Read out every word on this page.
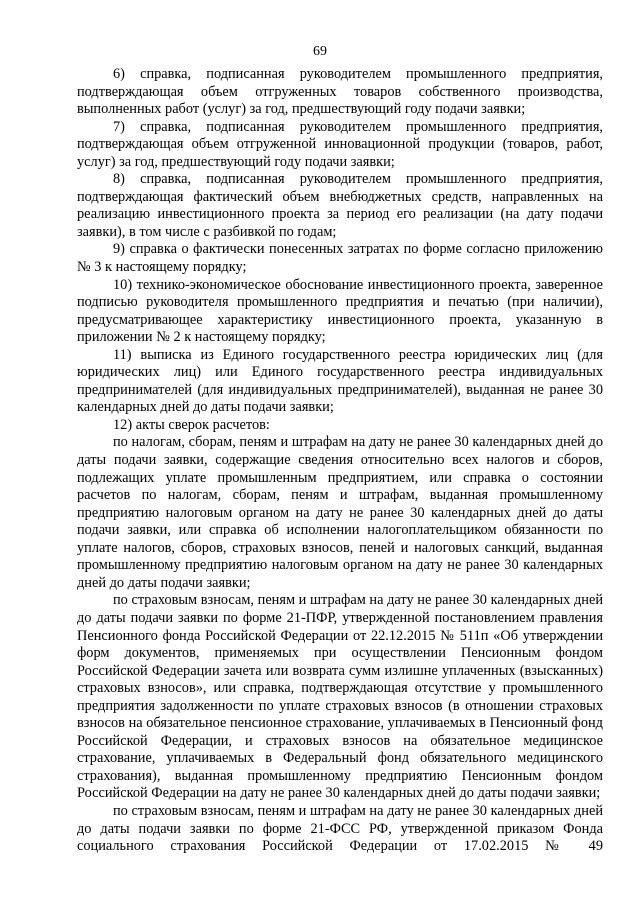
69

6) справка, подписанная руководителем промышленного предприятия, подтверждающая объем отгруженных товаров собственного производства, выполненных работ (услуг) за год, предшествующий году подачи заявки;

7) справка, подписанная руководителем промышленного предприятия, подтверждающая объем отгруженной инновационной продукции (товаров, работ, услуг) за год, предшествующий году подачи заявки;

8) справка, подписанная руководителем промышленного предприятия, подтверждающая фактический объем внебюджетных средств, направленных на реализацию инвестиционного проекта за период его реализации (на дату подачи заявки), в том числе с разбивкой по годам;

9) справка о фактически понесенных затратах по форме согласно приложению № 3 к настоящему порядку;

10) технико-экономическое обоснование инвестиционного проекта, заверенное подписью руководителя промышленного предприятия и печатью (при наличии), предусматривающее характеристику инвестиционного проекта, указанную в приложении № 2 к настоящему порядку;

11) выписка из Единого государственного реестра юридических лиц (для юридических лиц) или Единого государственного реестра индивидуальных предпринимателей (для индивидуальных предпринимателей), выданная не ранее 30 календарных дней до даты подачи заявки;

12) акты сверок расчетов:

по налогам, сборам, пеням и штрафам на дату не ранее 30 календарных дней до даты подачи заявки, содержащие сведения относительно всех налогов и сборов, подлежащих уплате промышленным предприятием, или справка о состоянии расчетов по налогам, сборам, пеням и штрафам, выданная промышленному предприятию налоговым органом на дату не ранее 30 календарных дней до даты подачи заявки, или справка об исполнении налогоплательщиком обязанности по уплате налогов, сборов, страховых взносов, пеней и налоговых санкций, выданная промышленному предприятию налоговым органом на дату не ранее 30 календарных дней до даты подачи заявки;

по страховым взносам, пеням и штрафам на дату не ранее 30 календарных дней до даты подачи заявки по форме 21-ПФР, утвержденной постановлением правления Пенсионного фонда Российской Федерации от 22.12.2015 № 511п «Об утверждении форм документов, применяемых при осуществлении Пенсионным фондом Российской Федерации зачета или возврата сумм излишне уплаченных (взысканных) страховых взносов», или справка, подтверждающая отсутствие у промышленного предприятия задолженности по уплате страховых взносов (в отношении страховых взносов на обязательное пенсионное страхование, уплачиваемых в Пенсионный фонд Российской Федерации, и страховых взносов на обязательное медицинское страхование, уплачиваемых в Федеральный фонд обязательного медицинского страхования), выданная промышленному предприятию Пенсионным фондом Российской Федерации на дату не ранее 30 календарных дней до даты подачи заявки;

по страховым взносам, пеням и штрафам на дату не ранее 30 календарных дней до даты подачи заявки по форме 21-ФСС РФ, утвержденной приказом Фонда социального страхования Российской Федерации от 17.02.2015 № 49
